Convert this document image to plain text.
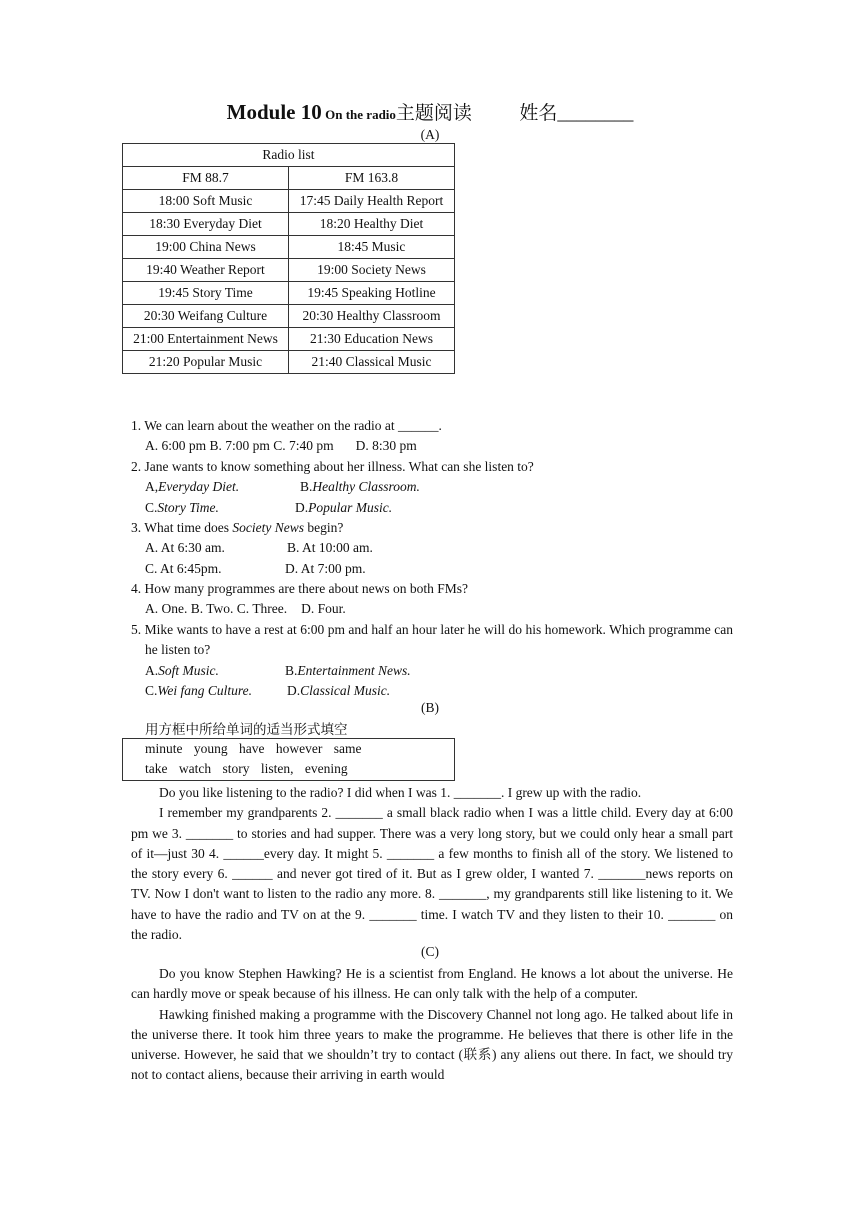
Module 10 On the radio主题阅读 姓名________
(A)
Radio list	
FM 88.7	FM 163.8
18:00 Soft Music	17:45 Daily Health Report
18:30 Everyday Diet	18:20 Healthy Diet
19:00 China News	18:45 Music
19:40 Weather Report	19:00 Society News
19:45 Story Time	19:45 Speaking Hotline
20:30 Weifang Culture	20:30 Healthy Classroom
21:00 Entertainment News	21:30 Education News
21:20 Popular Music	21:40 Classical Music
1. We can learn about the weather on the radio at ______.
A. 6:00 pm B. 7:00 pm C. 7:40 pm D. 8:30 pm
2. Jane wants to know something about her illness. What can she listen to?
A,Everyday Diet.	B.Healthy Classroom.
C.Story Time.	D.Popular Music.
3. What time does Society News begin?
A. At 6:30 am.	B. At 10:00 am.
C. At 6:45pm.	D. At 7:00 pm.
4. How many programmes are there about news on both FMs?
A. One. B. Two. C. Three. D. Four.
5. Mike wants to have a rest at 6:00 pm and half an hour later he will do his homework. Which programme can he listen to?
A.Soft Music.	B.Entertainment News.
C.Wei fang Culture.	D.Classical Music.
(B)
用方框中所给单词的适当形式填空
minute young have however same
take watch story listen, evening

Do you like listening to the radio? I did when I was 1. _______. I grew up with the radio.

I remember my grandparents 2. _______ a small black radio when I was a little child. Every day at 6:00 pm we 3. _______ to stories and had supper. There was a very long story, but we could only hear a small part of it—just 30 4. ______every day. It might 5. _______ a few months to finish all of the story. We listened to the story every 6. ______ and never got tired of it. But as I grew older, I wanted 7. _______news reports on TV. Now I don't want to listen to the radio any more. 8. _______, my grandparents still like listening to it. We have to have the radio and TV on at the 9. _______ time. I watch TV and they listen to their 10. _______ on the radio.

(C)

Do you know Stephen Hawking? He is a scientist from England. He knows a lot about the universe. He can hardly move or speak because of his illness. He can only talk with the help of a computer.

Hawking finished making a programme with the Discovery Channel not long ago. He talked about life in the universe there. It took him three years to make the programme. He believes that there is other life in the universe. However, he said that we shouldn’t try to contact (联系) any aliens out there. In fact, we should try not to contact aliens, because their arriving in earth would
